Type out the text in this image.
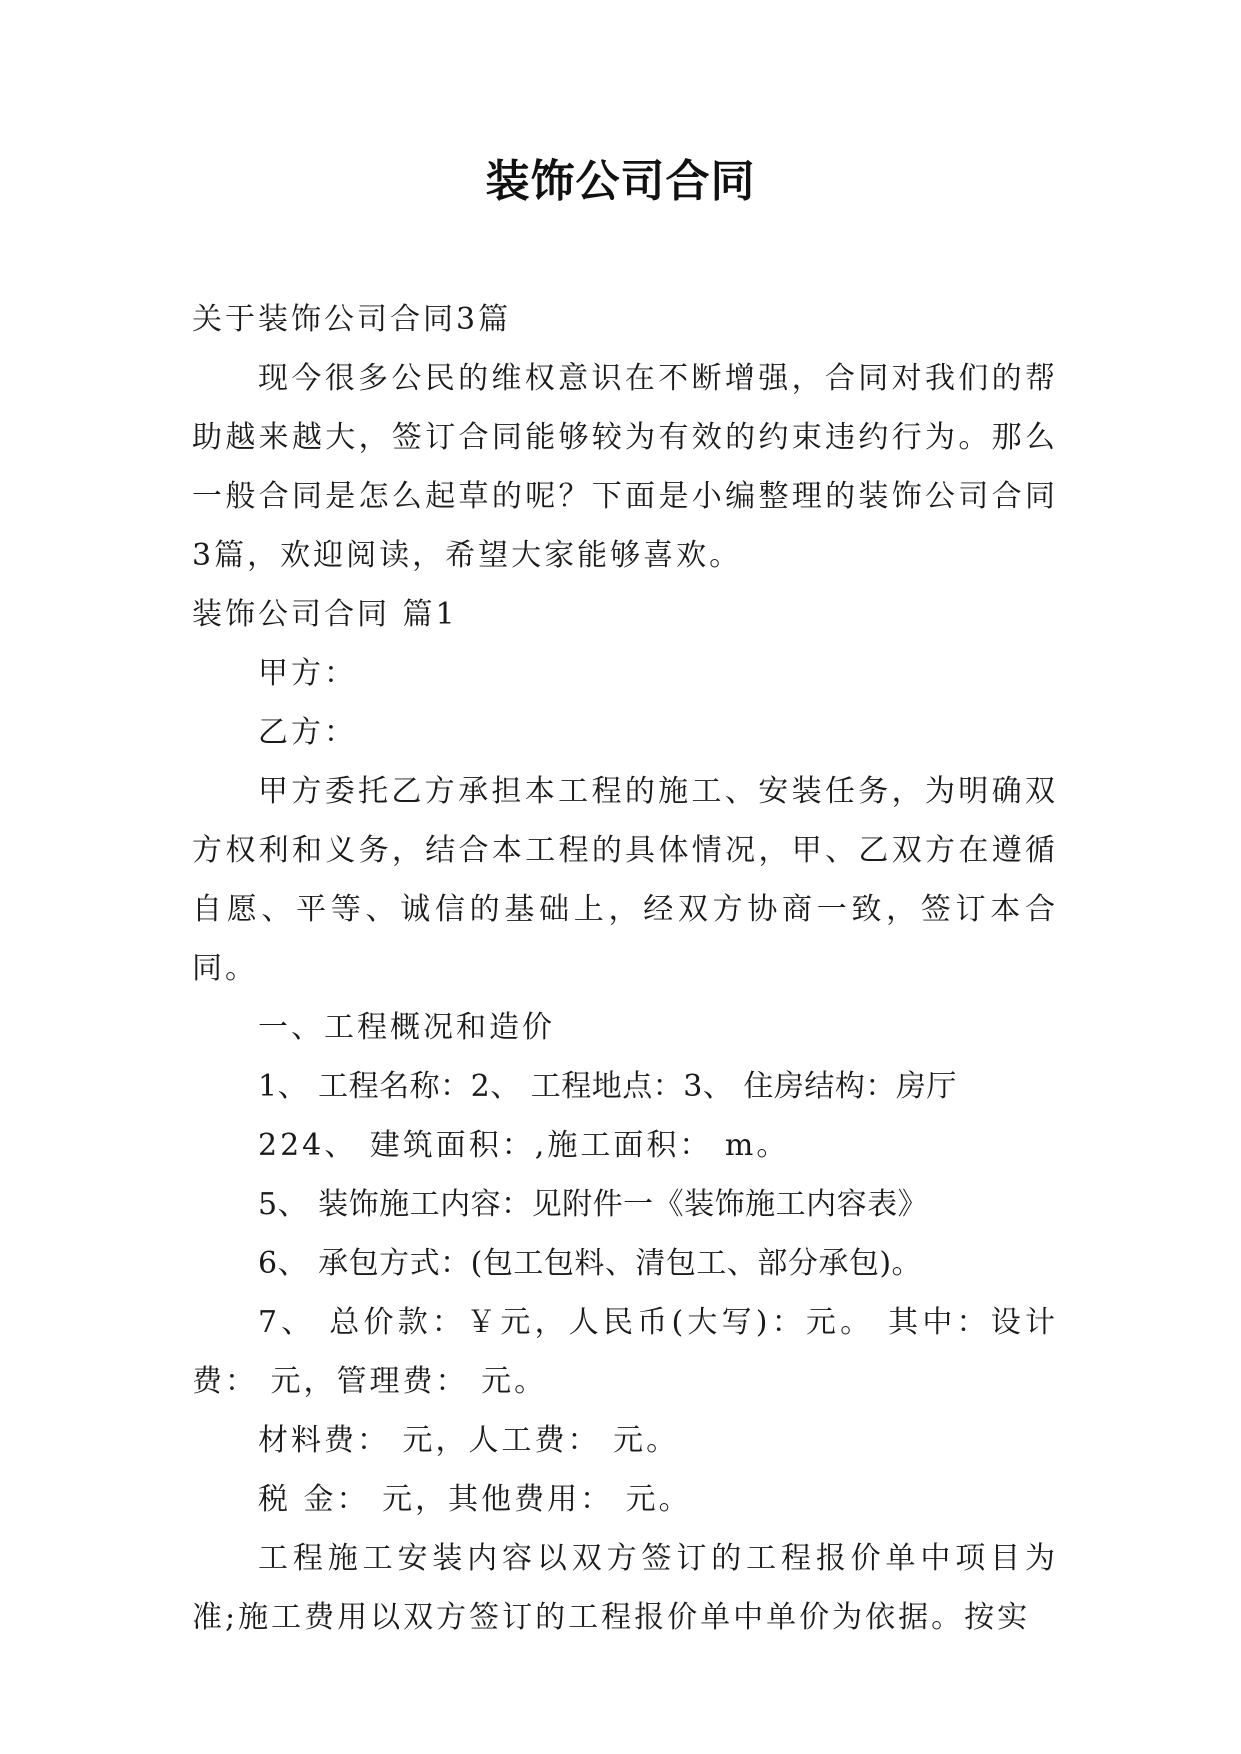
装饰公司合同

关于装饰公司合同3篇

现今很多公民的维权意识在不断增强，合同对我们的帮助越来越大，签订合同能够较为有效的约束违约行为。那么一般合同是怎么起草的呢？下面是小编整理的装饰公司合同3篇，欢迎阅读，希望大家能够喜欢。

装饰公司合同 篇1

甲方：

乙方：

甲方委托乙方承担本工程的施工、安装任务，为明确双方权利和义务，结合本工程的具体情况，甲、乙双方在遵循自愿、平等、诚信的基础上，经双方协商一致，签订本合同。

一、工程概况和造价

1、 工程名称：2、 工程地点：3、 住房结构：房厅

224、 建筑面积：,施工面积： m。

5、 装饰施工内容：见附件一《装饰施工内容表》

6、 承包方式：(包工包料、清包工、部分承包)。

7、 总价款：￥元，人民币(大写)：元。 其中：设计费： 元，管理费： 元。

材料费： 元，人工费： 元。

税 金： 元，其他费用： 元。

工程施工安装内容以双方签订的工程报价单中项目为准;施工费用以双方签订的工程报价单中单价为依据。按实
